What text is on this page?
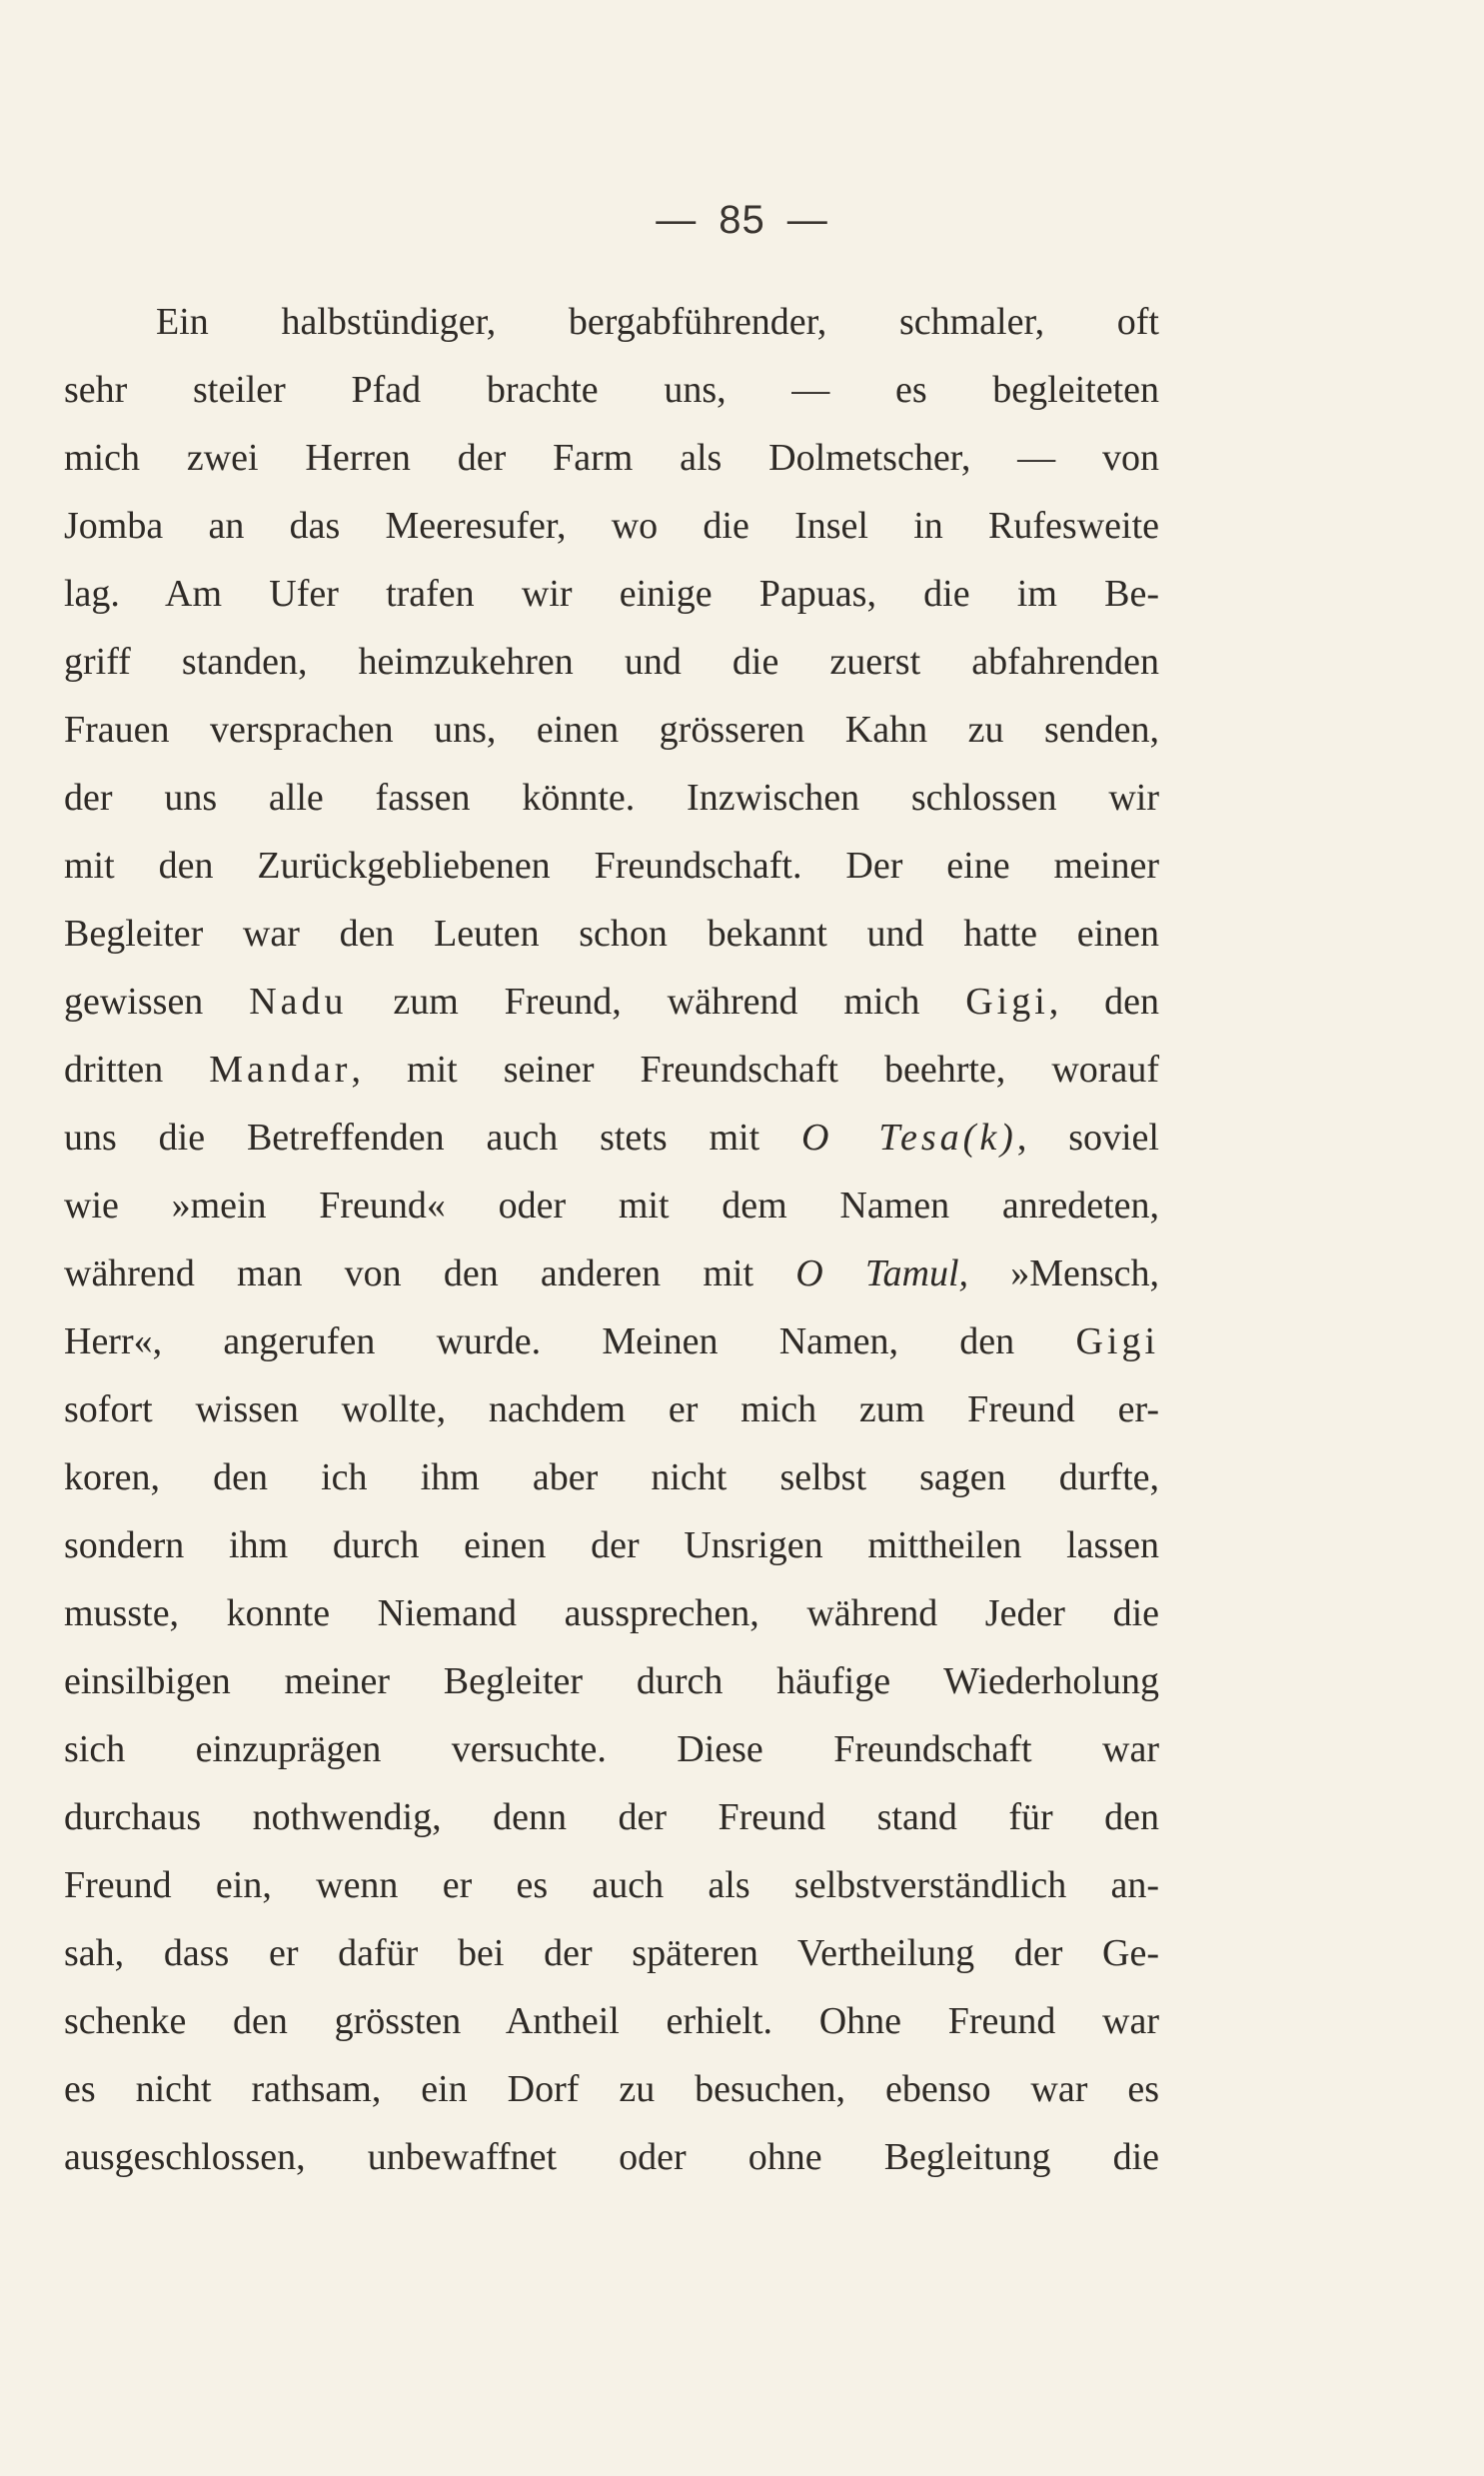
— 85 —
Ein halbstündiger, bergabführender, schmaler, oft
sehr steiler Pfad brachte uns, — es begleiteten
mich zwei Herren der Farm als Dolmetscher, — von
Jomba an das Meeresufer, wo die Insel in Rufesweite
lag. Am Ufer trafen wir einige Papuas, die im Be-
griff standen, heimzukehren und die zuerst abfahrenden
Frauen versprachen uns, einen grösseren Kahn zu senden,
der uns alle fassen könnte. Inzwischen schlossen wir
mit den Zurückgebliebenen Freundschaft. Der eine meiner
Begleiter war den Leuten schon bekannt und hatte einen
gewissen Nadu zum Freund, während mich Gigi, den
dritten Mandar, mit seiner Freundschaft beehrte, worauf
uns die Betreffenden auch stets mit O Tesa(k), soviel
wie »mein Freund« oder mit dem Namen anredeten,
während man von den anderen mit O Tamul, »Mensch,
Herr«, angerufen wurde. Meinen Namen, den Gigi
sofort wissen wollte, nachdem er mich zum Freund er-
koren, den ich ihm aber nicht selbst sagen durfte,
sondern ihm durch einen der Unsrigen mittheilen lassen
musste, konnte Niemand aussprechen, während Jeder die
einsilbigen meiner Begleiter durch häufige Wiederholung
sich einzuprägen versuchte. Diese Freundschaft war
durchaus nothwendig, denn der Freund stand für den
Freund ein, wenn er es auch als selbstverständlich an-
sah, dass er dafür bei der späteren Vertheilung der Ge-
schenke den grössten Antheil erhielt. Ohne Freund war
es nicht rathsam, ein Dorf zu besuchen, ebenso war es
ausgeschlossen, unbewaffnet oder ohne Begleitung die
